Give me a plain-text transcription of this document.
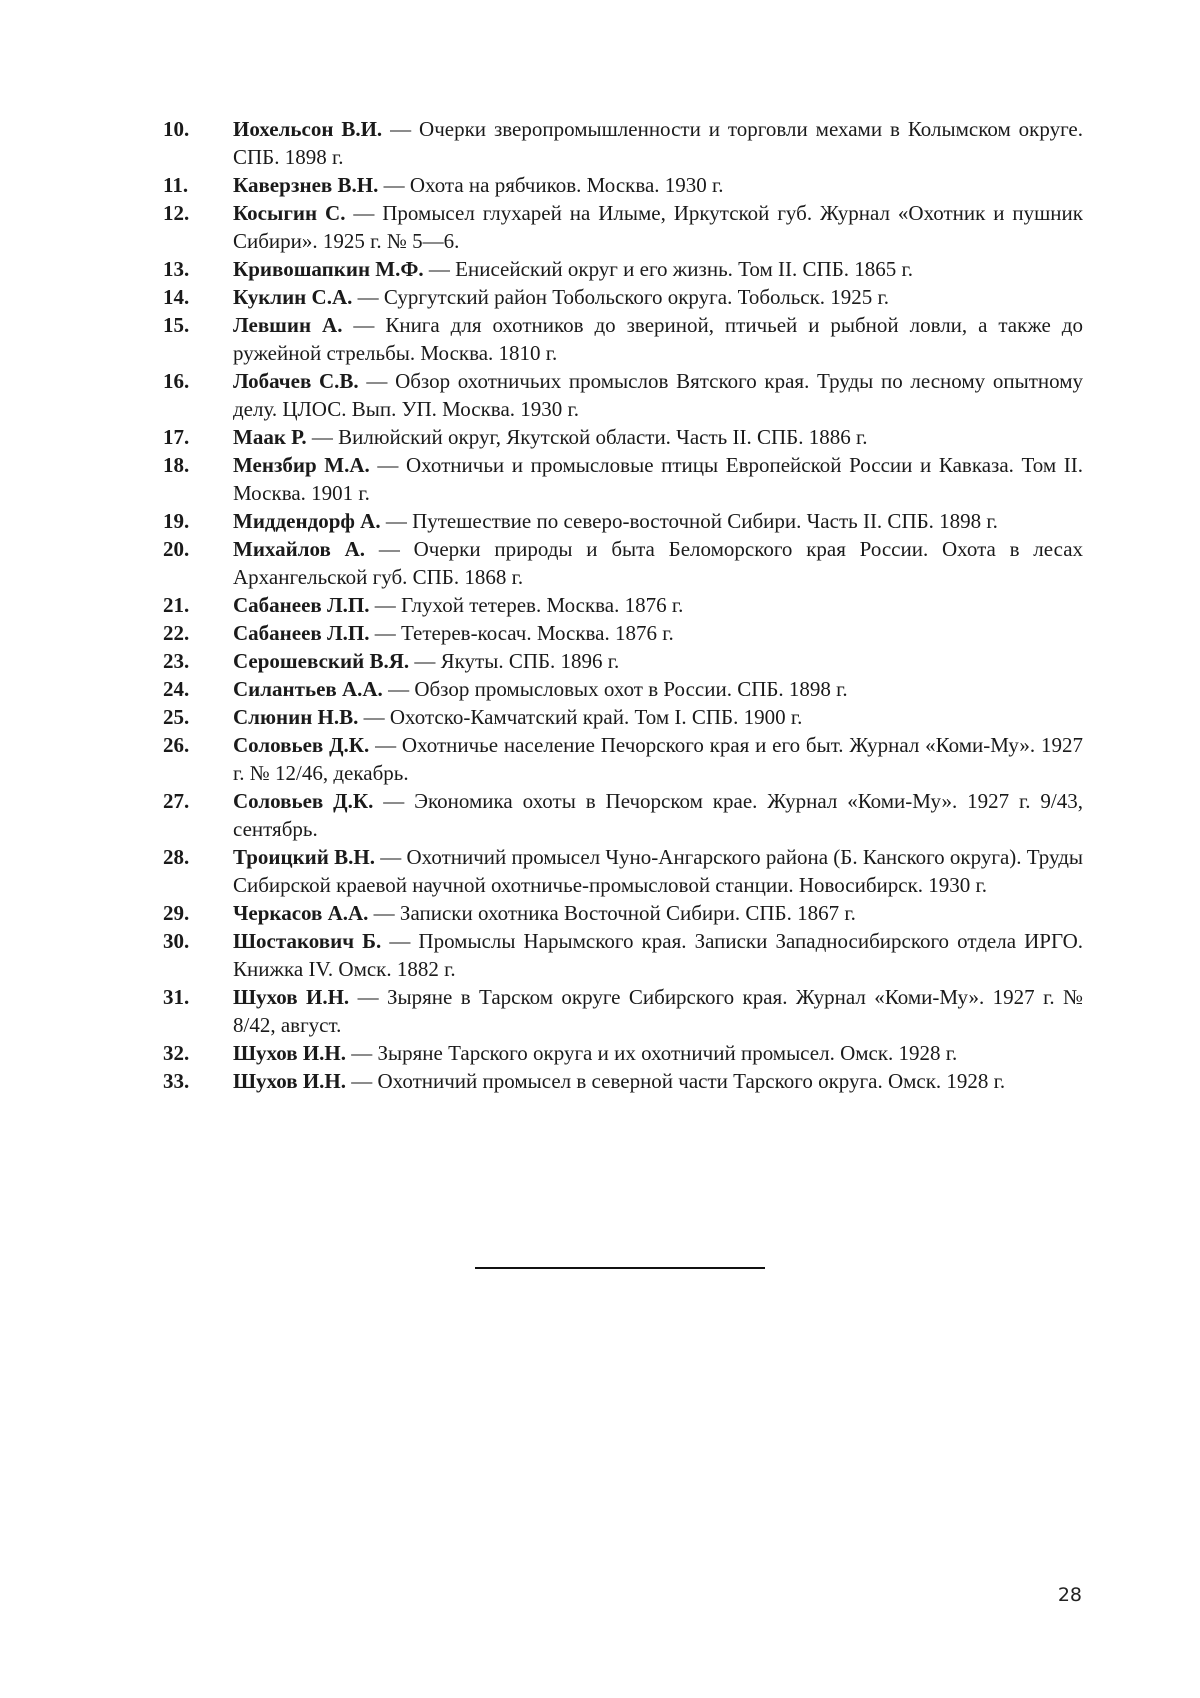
10.	Иохельсон В.И. — Очерки зверопромышленности и торговли мехами в Колымском округе. СПБ. 1898 г.
11.	Каверзнев В.Н. — Охота на рябчиков. Москва. 1930 г.
12.	Косыгин С. — Промысел глухарей на Илыме, Иркутской губ. Журнал «Охотник и пушник Сибири». 1925 г. № 5—6.
13.	Кривошапкин М.Ф. — Енисейский округ и его жизнь. Том II. СПБ. 1865 г.
14.	Куклин С.А. — Сургутский район Тобольского округа. Тобольск. 1925 г.
15.	Левшин А. — Книга для охотников до звериной, птичьей и рыбной ловли, а также до ружейной стрельбы. Москва. 1810 г.
16.	Лобачев С.В. — Обзор охотничьих промыслов Вятского края. Труды по лесному опытному делу. ЦЛОС. Вып. УП. Москва. 1930 г.
17.	Маак Р. — Вилюйский округ, Якутской области. Часть II. СПБ. 1886 г.
18.	Мензбир М.А. — Охотничьи и промысловые птицы Европейской России и Кавказа. Том II. Москва. 1901 г.
19.	Миддендорф А. — Путешествие по северо-восточной Сибири. Часть II. СПБ. 1898 г.
20.	Михайлов А. — Очерки природы и быта Беломорского края России. Охота в лесах Архангельской губ. СПБ. 1868 г.
21.	Сабанеев Л.П. — Глухой тетерев. Москва. 1876 г.
22.	Сабанеев Л.П. — Тетерев-косач. Москва. 1876 г.
23.	Серошевский В.Я. — Якуты. СПБ. 1896 г.
24.	Силантьев А.А. — Обзор промысловых охот в России. СПБ. 1898 г.
25.	Слюнин Н.В. — Охотско-Камчатский край. Том I. СПБ. 1900 г.
26.	Соловьев Д.К. — Охотничье население Печорского края и его быт. Журнал «Коми-Му». 1927 г. № 12/46, декабрь.
27.	Соловьев Д.К. — Экономика охоты в Печорском крае. Журнал «Коми-Му». 1927 г. 9/43, сентябрь.
28.	Троицкий В.Н. — Охотничий промысел Чуно-Ангарского района (Б. Канского округа). Труды Сибирской краевой научной охотничье-промысловой станции. Новосибирск. 1930 г.
29.	Черкасов А.А. — Записки охотника Восточной Сибири. СПБ. 1867 г.
30.	Шостакович Б. — Промыслы Нарымского края. Записки Западносибирского отдела ИРГО. Книжка IV. Омск. 1882 г.
31.	Шухов И.Н. — Зыряне в Тарском округе Сибирского края. Журнал «Коми-Му». 1927 г. № 8/42, август.
32.	Шухов И.Н. — Зыряне Тарского округа и их охотничий промысел. Омск. 1928 г.
33.	Шухов И.Н. — Охотничий промысел в северной части Тарского округа. Омск. 1928 г.
28
